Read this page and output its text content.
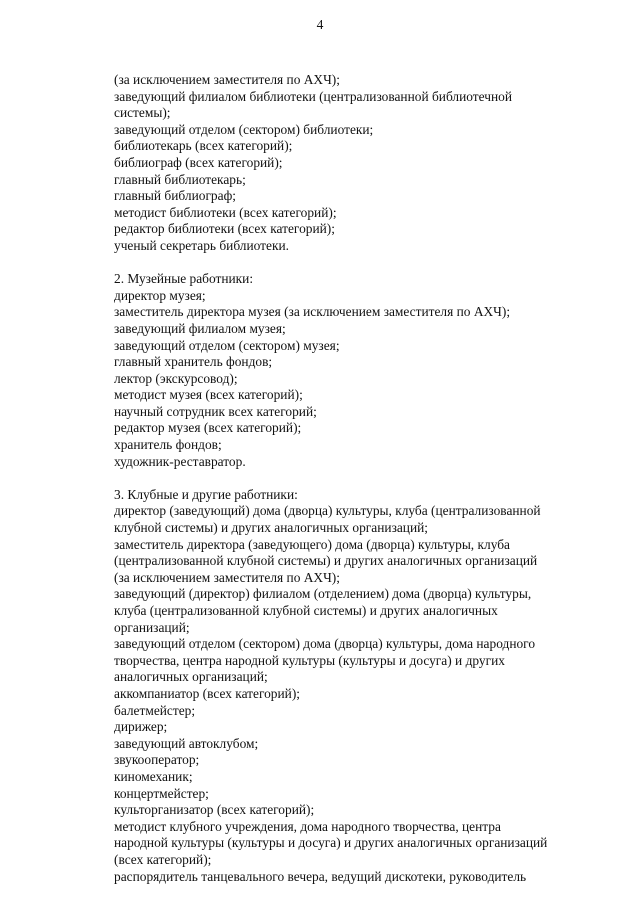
4
(за исключением заместителя по АХЧ);
заведующий филиалом библиотеки (централизованной библиотечной
системы);
заведующий отделом (сектором) библиотеки;
библиотекарь (всех категорий);
библиограф (всех категорий);
главный библиотекарь;
главный библиограф;
методист библиотеки (всех категорий);
редактор библиотеки (всех категорий);
ученый секретарь библиотеки.
2. Музейные работники:
директор музея;
заместитель директора музея (за исключением заместителя по АХЧ);
заведующий филиалом музея;
заведующий отделом (сектором) музея;
главный хранитель фондов;
лектор (экскурсовод);
методист музея (всех категорий);
научный сотрудник всех категорий;
редактор музея (всех категорий);
хранитель фондов;
художник-реставратор.
3. Клубные и другие работники:
директор (заведующий) дома (дворца) культуры, клуба (централизованной
клубной системы) и других аналогичных организаций;
заместитель директора (заведующего) дома (дворца) культуры, клуба
(централизованной клубной системы) и других аналогичных организаций
(за исключением заместителя по АХЧ);
заведующий (директор) филиалом (отделением) дома (дворца) культуры,
клуба (централизованной клубной системы) и других аналогичных
организаций;
заведующий отделом (сектором) дома (дворца) культуры, дома народного
творчества, центра народной культуры (культуры и досуга) и других
аналогичных организаций;
аккомпаниатор (всех категорий);
балетмейстер;
дирижер;
заведующий автоклубом;
звукооператор;
киномеханик;
концертмейстер;
культорганизатор (всех категорий);
методист клубного учреждения, дома народного творчества, центра
народной культуры (культуры и досуга) и других аналогичных организаций
(всех категорий);
распорядитель танцевального вечера, ведущий дискотеки, руководитель
